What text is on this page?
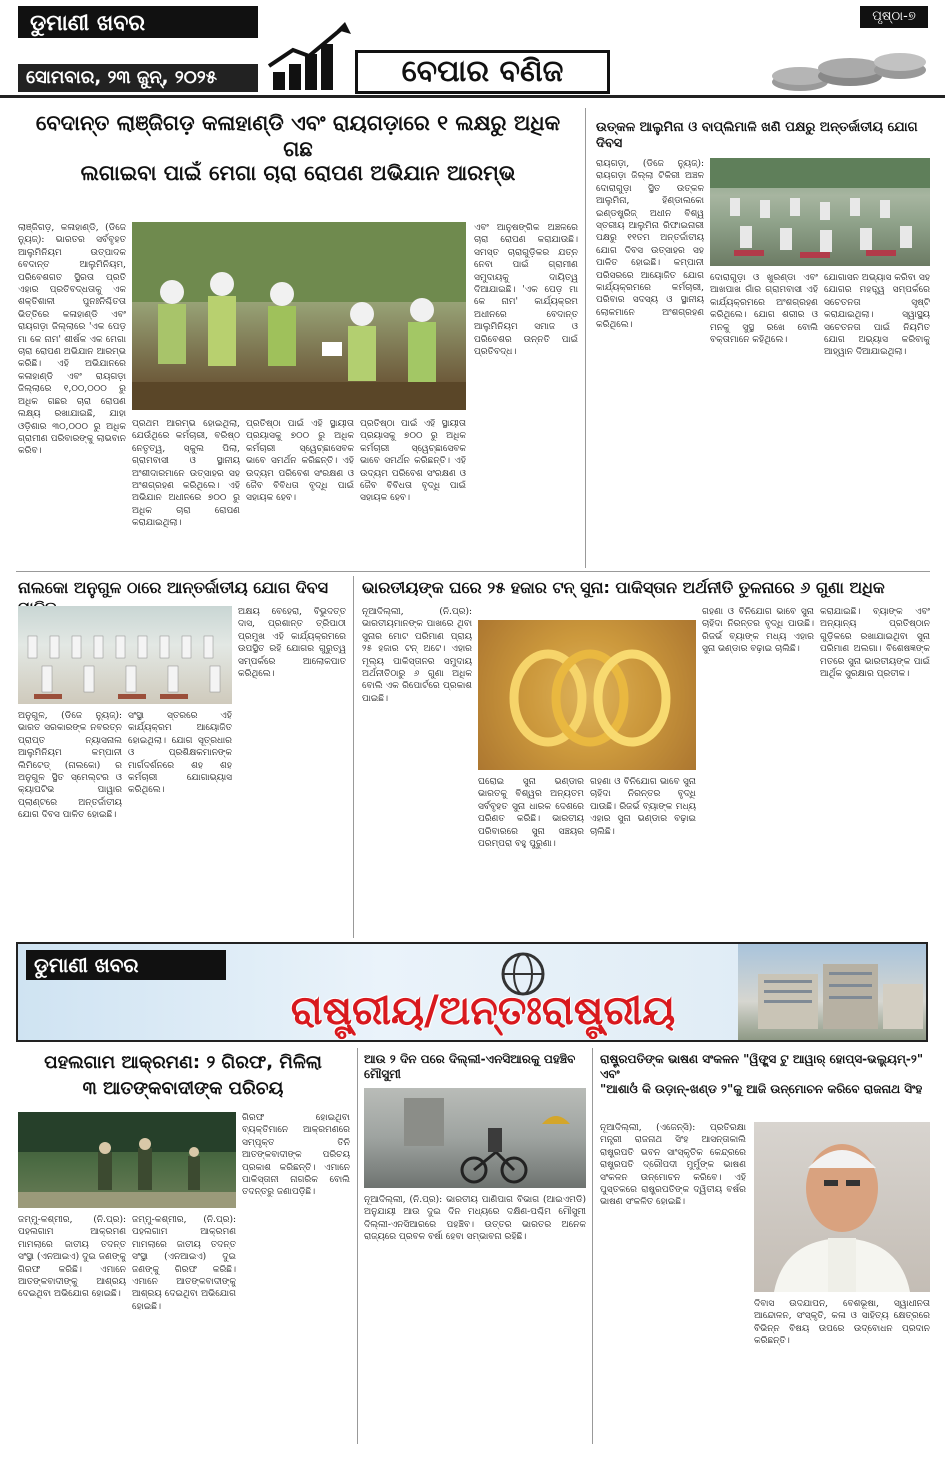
ଡୁମାଣୀ ଖବର
ସୋମବାର, ୨୩ ଜୁନ୍, ୨୦୨୫	ବେପାର ବଣିଜ
ପୃଷ୍ଠା-୭
ବେଦାନ୍ତ ଲାଞ୍ଜିଗଡ଼ କଳାହାଣ୍ଡି ଏବଂ ରାୟଗଡ଼ାରେ ୧ ଲକ୍ଷରୁ ଅଧିକ ଗଛ
ଲଗାଇବା ପାଇଁ ମେଗା ଚାରା ରୋପଣ ଅଭିଯାନ ଆରମ୍ଭ
ଲାଞ୍ଜିଗଡ଼, କଳାହାଣ୍ଡି, (ଡିଜେ ନ୍ୟୁଜ୍): ଭାରତର ସର୍ବବୃହତ ଆଲୁମିନିୟମ ଉତ୍ପାଦକ ବେଦାନ୍ତ ଆଲୁମିନିୟମ, ପରିବେଶଗତ ସ୍ଥିରତା ପ୍ରତି ଏହାର ପ୍ରତିବଦ୍ଧତାକୁ ଏକ ଶକ୍ତିଶାଳୀ ପୁନଃନିଶ୍ଚିତତା ଭିତ୍ତିରେ କଳାହାଣ୍ଡି ଏବଂ ରାୟଗଡ଼ା ଜିଲ୍ଲାରେ 'ଏକ ପେଡ଼ ମା କେ ନାମ' ଶୀର୍ଷକ ଏକ ମେଗା ଚାରା ରୋପଣ ଅଭିଯାନ ଆରମ୍ଭ କରିଛି। ଏହି ଅଭିଯାନରେ କଳାହାଣ୍ଡି ଏବଂ ରାୟଗଡ଼ା ଜିଲ୍ଲାରେ ୧,୦୦,୦୦୦ ରୁ ଅଧିକ ଗଛର ଚାରା ରୋପଣ ଲକ୍ଷ୍ୟ ରଖାଯାଇଛି, ଯାହା ଓଡ଼ିଶାର ୩୦,୦୦୦ ରୁ ଅଧିକ ଗ୍ରାମୀଣ ପରିବାରଙ୍କୁ ଲାଭବାନ କରିବ।
ପ୍ରଥମ ଆରମ୍ଭ ହୋଇଥିଲା, ଯେଉଁଥିରେ କର୍ମଚାରୀ, ବରିଷ୍ଠ ନେତୃତ୍ୱ, ସ୍କୁଲ ପିଲା, ଗ୍ରାମବାସୀ ଓ ସ୍ଥାନୀୟ ଅଂଶୀଦାରମାନେ ଉତ୍ସାହର ସହ ଅଂଶଗ୍ରହଣ କରିଥିଲେ। ଏହି ଅଭିଯାନ ଅଧୀନରେ ୭୦୦ ରୁ ଅଧିକ ଚାରା ରୋପଣ କରାଯାଇଥିଲା।
ପ୍ରତିଷ୍ଠା ପାଇଁ ଏହି ସ୍ଥାୟୀତା ପ୍ରୟାସକୁ ୭୦୦ ରୁ ଅଧିକ କର୍ମଚାରୀ ସ୍ୱେଚ୍ଛାସେବକ ଭାବେ ସମର୍ଥନ କରିଛନ୍ତି। ଏହି ଉଦ୍ୟମ ପରିବେଶ ସଂରକ୍ଷଣ ଓ ଜୈବ ବିବିଧତା ବୃଦ୍ଧି ପାଇଁ ସହାୟକ ହେବ।
ପ୍ରତିଷ୍ଠା ପାଇଁ ଏହି ସ୍ଥାୟୀତା ପ୍ରୟାସକୁ ୭୦୦ ରୁ ଅଧିକ କର୍ମଚାରୀ ସ୍ୱେଚ୍ଛାସେବକ ଭାବେ ସମର୍ଥନ କରିଛନ୍ତି। ଏହି ଉଦ୍ୟମ ପରିବେଶ ସଂରକ୍ଷଣ ଓ ଜୈବ ବିବିଧତା ବୃଦ୍ଧି ପାଇଁ ସହାୟକ ହେବ।
ଏବଂ ଆନୁଷଙ୍ଗିକ ଅଞ୍ଚଳରେ ଚାରା ରୋପଣ କରାଯାଉଛି। ସମସ୍ତ ଚାରାଗୁଡ଼ିକର ଯତ୍ନ ନେବା ପାଇଁ ଗ୍ରାମୀଣ ସମୁଦାୟକୁ ଦାୟିତ୍ୱ ଦିଆଯାଇଛି। 'ଏକ ପେଡ଼ ମା କେ ନାମ' କାର୍ଯ୍ୟକ୍ରମ ଅଧୀନରେ ବେଦାନ୍ତ ଆଲୁମିନିୟମ ସମାଜ ଓ ପରିବେଶର ଉନ୍ନତି ପାଇଁ ପ୍ରତିବଦ୍ଧ।
ଉତ୍କଳ ଆଲୁମିନା ଓ ବାପ୍ଲିମାଳି ଖଣି ପକ୍ଷରୁ ଅନ୍ତର୍ଜାତୀୟ ଯୋଗ ଦିବସ
ରାୟଗଡ଼ା, (ଡିଜେ ନ୍ୟୁଜ୍): ରାୟଗଡ଼ା ଜିଲ୍ଲା ଟିକିରୀ ଅଞ୍ଚଳ ଦୋରାଗୁଡ଼ା ସ୍ଥିତ ଉତ୍କଳ ଆଲୁମିନା, ହିଣ୍ଡାଲକୋ ଇଣ୍ଡଷ୍ଟ୍ରିଜ୍ ଅଧୀନ ବିଶ୍ୱ ସ୍ତରୀୟ ଆଲୁମିନା ରିଫାଇନାରୀ ପକ୍ଷରୁ ୧୧ତମ ଅନ୍ତର୍ଜାତୀୟ ଯୋଗ ଦିବସ ଉତ୍ସାହର ସହ ପାଳିତ ହୋଇଛି। କମ୍ପାନୀ ପରିସରରେ ଆୟୋଜିତ ଯୋଗ କାର୍ଯ୍ୟକ୍ରମରେ କର୍ମଚାରୀ, ପରିବାର ସଦସ୍ୟ ଓ ସ୍ଥାନୀୟ ଲୋକମାନେ ଅଂଶଗ୍ରହଣ କରିଥିଲେ।
ଦୋରାଗୁଡ଼ା ଓ ଖୁରଣ୍ଡା ଏବଂ ଆଖପାଖ ଗାଁର ଗ୍ରାମବାସୀ ଏହି କାର୍ଯ୍ୟକ୍ରମରେ ଅଂଶଗ୍ରହଣ କରିଥିଲେ। ଯୋଗ ଶରୀର ଓ ମନକୁ ସୁସ୍ଥ ରଖେ ବୋଲି ବକ୍ତାମାନେ କହିଥିଲେ।
ଯୋଗାସନ ଅଭ୍ୟାସ କରିବା ସହ ଯୋଗର ମହତ୍ତ୍ୱ ସମ୍ପର୍କରେ ସଚେତନତା ସୃଷ୍ଟି କରାଯାଇଥିଲା। ସ୍ୱାସ୍ଥ୍ୟ ସଚେତନତା ପାଇଁ ନିୟମିତ ଯୋଗ ଅଭ୍ୟାସ କରିବାକୁ ଆହ୍ୱାନ ଦିଆଯାଇଥିଲା।
ନାଲକୋ ଅନୁଗୁଳ ଠାରେ ଆନ୍ତର୍ଜାତୀୟ ଯୋଗ ଦିବସ
ଅନୁଗୁଳ, (ଡିଜେ ନ୍ୟୁଜ୍): ଭାରତ ସରକାରଙ୍କ ନବରତ୍ନ ପ୍ରାପ୍ତ ନ୍ୟାସନାଲ ଆଲୁମିନିୟମ କମ୍ପାନୀ ଲିମିଟେଡ୍ (ନାଲକୋ) ର ଅନୁଗୁଳ ସ୍ଥିତ ସ୍ମେଲ୍ଟର ଓ କ୍ୟାପଟିଭ ପାୱାର ପ୍ଲାଣ୍ଟରେ ଅନ୍ତର୍ଜାତୀୟ ଯୋଗ ଦିବସ ପାଳିତ ହୋଇଛି।
ସଂସ୍ଥା ସ୍ତରରେ ଏହି କାର୍ଯ୍ୟକ୍ରମ ଆୟୋଜିତ ହୋଇଥିଲା। ଯୋଗ ସୂତ୍ରଧାର ଓ ପ୍ରଶିକ୍ଷକମାନଙ୍କ ମାର୍ଗଦର୍ଶନରେ ଶହ ଶହ କର୍ମଚାରୀ ଯୋଗାଭ୍ୟାସ କରିଥିଲେ।
ଅକ୍ଷୟ ବେହେରା, ବିଭୁଦତ୍ତ ଦାସ, ପ୍ରଶାନ୍ତ ତ୍ରିପାଠୀ ପ୍ରମୁଖ ଏହି କାର୍ଯ୍ୟକ୍ରମରେ ଉପସ୍ଥିତ ରହି ଯୋଗର ଗୁରୁତ୍ୱ ସମ୍ପର୍କରେ ଆଲୋକପାତ କରିଥିଲେ।
ଭାରତୀୟଙ୍କ ଘରେ ୨୫ ହଜାର ଟନ୍ ସୁନା: ପାକିସ୍ତାନ ଅର୍ଥନୀତି ତୁଳନାରେ ୬ ଗୁଣା ଅଧିକ
ନୂଆଦିଲ୍ଲୀ, (ନି.ପ୍ର): ଭାରତୀୟମାନଙ୍କ ପାଖରେ ଥିବା ସୁନାର ମୋଟ ପରିମାଣ ପ୍ରାୟ ୨୫ ହଜାର ଟନ୍ ଅଟେ। ଏହାର ମୂଲ୍ୟ ପାକିସ୍ତାନର ସମୁଦାୟ ଅର୍ଥନୀତିଠାରୁ ୬ ଗୁଣା ଅଧିକ ବୋଲି ଏକ ରିପୋର୍ଟରେ ପ୍ରକାଶ ପାଇଛି।
ଘରୋଇ ସୁନା ଭଣ୍ଡାର ଭାରତକୁ ବିଶ୍ୱର ଅନ୍ୟତମ ସର୍ବବୃହତ ସୁନା ଧାରକ ଦେଶରେ ପରିଣତ କରିଛି। ଭାରତୀୟ ପରିବାରରେ ସୁନା ସଞ୍ଚୟର ପରମ୍ପରା ବହୁ ପୁରୁଣା।
ଗହଣା ଓ ବିନିଯୋଗ ଭାବେ ସୁନା ଚାହିଦା ନିରନ୍ତର ବୃଦ୍ଧି ପାଉଛି। ରିଜର୍ଭ ବ୍ୟାଙ୍କ ମଧ୍ୟ ଏହାର ସୁନା ଭଣ୍ଡାର ବଢ଼ାଇ ଚାଲିଛି।
ଗହଣା ଓ ବିନିଯୋଗ ଭାବେ ସୁନା ଚାହିଦା ନିରନ୍ତର ବୃଦ୍ଧି ପାଉଛି। ରିଜର୍ଭ ବ୍ୟାଙ୍କ ମଧ୍ୟ ଏହାର ସୁନା ଭଣ୍ଡାର ବଢ଼ାଇ ଚାଲିଛି।
କରାଯାଇଛି। ବ୍ୟାଙ୍କ ଏବଂ ଅନ୍ୟାନ୍ୟ ପ୍ରତିଷ୍ଠାନ ଗୁଡ଼ିକରେ ରଖାଯାଇଥିବା ସୁନା ପରିମାଣ ଅଲଗା। ବିଶେଷଜ୍ଞଙ୍କ ମତରେ ସୁନା ଭାରତୀୟଙ୍କ ପାଇଁ ଆର୍ଥିକ ସୁରକ୍ଷାର ପ୍ରତୀକ।
ଡୁମାଣୀ ଖବର
ରାଷ୍ଟ୍ରୀୟ/ଅନ୍ତଃରାଷ୍ଟ୍ରୀୟ
ପହଲଗାମ ଆକ୍ରମଣ: ୨ ଗିରଫ, ମିଳିଲା
୩ ଆତଙ୍କବାଦୀଙ୍କ ପରିଚୟ
ଜମ୍ମୁ-କଶ୍ମୀର, (ନି.ପ୍ର): ପହଲଗାମ ଆକ୍ରମଣ ମାମଲାରେ ଜାତୀୟ ତଦନ୍ତ ସଂସ୍ଥା (ଏନଆଇଏ) ଦୁଇ ଜଣଙ୍କୁ ଗିରଫ କରିଛି। ଏମାନେ ଆତଙ୍କବାଦୀଙ୍କୁ ଆଶ୍ରୟ ଦେଇଥିବା ଅଭିଯୋଗ ହୋଇଛି।
ଜମ୍ମୁ-କଶ୍ମୀର, (ନି.ପ୍ର): ପହଲଗାମ ଆକ୍ରମଣ ମାମଲାରେ ଜାତୀୟ ତଦନ୍ତ ସଂସ୍ଥା (ଏନଆଇଏ) ଦୁଇ ଜଣଙ୍କୁ ଗିରଫ କରିଛି। ଏମାନେ ଆତଙ୍କବାଦୀଙ୍କୁ ଆଶ୍ରୟ ଦେଇଥିବା ଅଭିଯୋଗ ହୋଇଛି।
ଗିରଫ ହୋଇଥିବା ବ୍ୟକ୍ତିମାନେ ଆକ୍ରମଣରେ ସମ୍ପୃକ୍ତ ତିନି ଆତଙ୍କବାଦୀଙ୍କ ପରିଚୟ ପ୍ରକାଶ କରିଛନ୍ତି। ଏମାନେ ପାକିସ୍ତାନୀ ନାଗରିକ ବୋଲି ତଦନ୍ତରୁ ଜଣାପଡ଼ିଛି।
ଆଉ ୨ ଦିନ ପରେ ଦିଲ୍ଲୀ-ଏନସିଆରକୁ ପହଞ୍ଚିବ ମୌସୁମୀ
ନୂଆଦିଲ୍ଲୀ, (ନି.ପ୍ର): ଭାରତୀୟ ପାଣିପାଗ ବିଭାଗ (ଆଇଏମଡି) ଅନୁଯାୟୀ ଆଉ ଦୁଇ ଦିନ ମଧ୍ୟରେ ଦକ୍ଷିଣ-ପଶ୍ଚିମ ମୌସୁମୀ ଦିଲ୍ଲୀ-ଏନସିଆରରେ ପହଞ୍ଚିବ। ଉତ୍ତର ଭାରତର ଅନେକ ରାଜ୍ୟରେ ପ୍ରବଳ ବର୍ଷା ହେବା ସମ୍ଭାବନା ରହିଛି।
ରାଷ୍ଟ୍ରପତିଙ୍କ ଭାଷଣ ସଂକଳନ "ୱିଙ୍ଗ୍ସ ଟୁ ଆୱାର୍ ହୋପ୍ସ-ଭଲ୍ୟୁମ୍-୨" ଏବଂ
"ଆଶାଓଁ କି ଉଡ଼ାନ୍-ଖଣ୍ଡ ୨"କୁ ଆଜି ଉନ୍ମୋଚନ କରିବେ ରାଜନାଥ ସିଂହ
ନୂଆଦିଲ୍ଲୀ, (ଏଜେନ୍ସି): ପ୍ରତିରକ୍ଷା ମନ୍ତ୍ରୀ ରାଜନାଥ ସିଂହ ଆସନ୍ତାକାଲି ରାଷ୍ଟ୍ରପତି ଭବନ ସାଂସ୍କୃତିକ କେନ୍ଦ୍ରରେ ରାଷ୍ଟ୍ରପତି ଦ୍ରୌପଦୀ ମୁର୍ମୁଙ୍କ ଭାଷଣ ସଂକଳନ ଉନ୍ମୋଚନ କରିବେ। ଏହି ପୁସ୍ତକରେ ରାଷ୍ଟ୍ରପତିଙ୍କ ଦ୍ୱିତୀୟ ବର୍ଷର ଭାଷଣ ସଂକଳିତ ହୋଇଛି।
ଦିବାସ ଉଦଯାପନ, ବେଶଭୂଷା, ସ୍ୱାଧୀନତା ଆନ୍ଦୋଳନ, ସଂସ୍କୃତି, କଳା ଓ ସାହିତ୍ୟ କ୍ଷେତ୍ରରେ ବିଭିନ୍ନ ବିଷୟ ଉପରେ ଉଦ୍ବୋଧନ ପ୍ରଦାନ କରିଛନ୍ତି।
